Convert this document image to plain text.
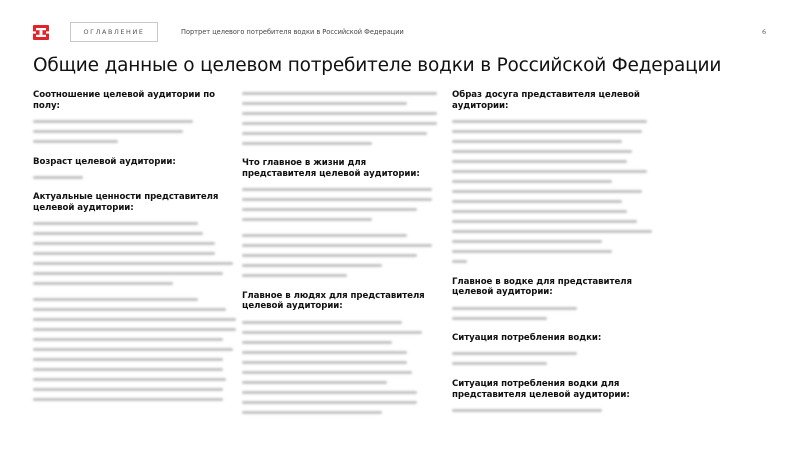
ОГЛАВЛЕНИЕ	Портрет целевого потребителя водки в Российской Федерации	6
Общие данные о целевом потребителе водки в Российской Федерации
Соотношение целевой аудитории по полу:
Возраст целевой аудитории:
Актуальные ценности представителя целевой аудитории:
Что главное в жизни для представителя целевой аудитории:
Главное в людях для представителя целевой аудитории:
Образ досуга представителя целевой аудитории:
Главное в водке для представителя целевой аудитории:
Ситуация потребления водки:
Ситуация потребления водки для представителя целевой аудитории:
